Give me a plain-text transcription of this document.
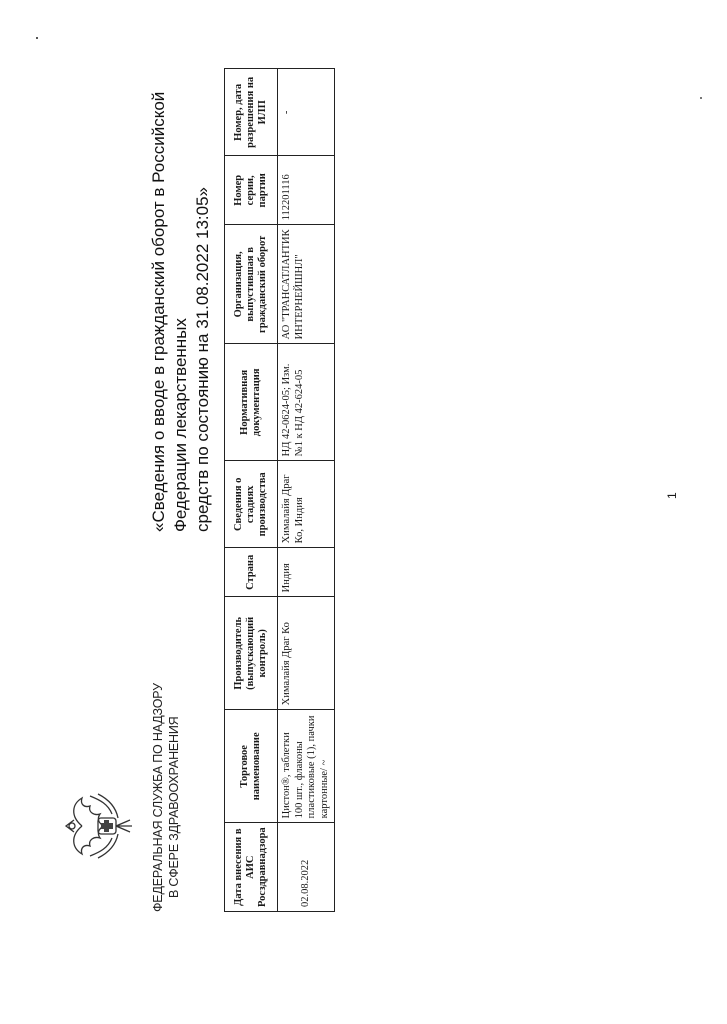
ФЕДЕРАЛЬНАЯ СЛУЖБА ПО НАДЗОРУ В СФЕРЕ ЗДРАВООХРАНЕНИЯ
«Сведения о вводе в гражданский оборот в Российской Федерации лекарственных средств по состоянию на 31.08.2022 13:05»
Дата внесения в АИС Росздравнадзора	Торговое наименование	Производитель (выпускающий контроль)	Страна	Сведения о стадиях производства	Нормативная документация	Организация, выпустившая в гражданский оборот	Номер серии, партии	Номер, дата разрешения на ИЛП
02.08.2022	Цистон®, таблетки 100 шт., флаконы пластиковые (1), пачки картонные/ ~	Хималайя Драг Ко	Индия	Хималайя Драг Ко, Индия	НД 42-0624-05; Изм. №1 к НД 42-624-05	АО "ТРАНСАТЛАНТИК ИНТЕРНЕЙШНЛ"	112201116	-
1
